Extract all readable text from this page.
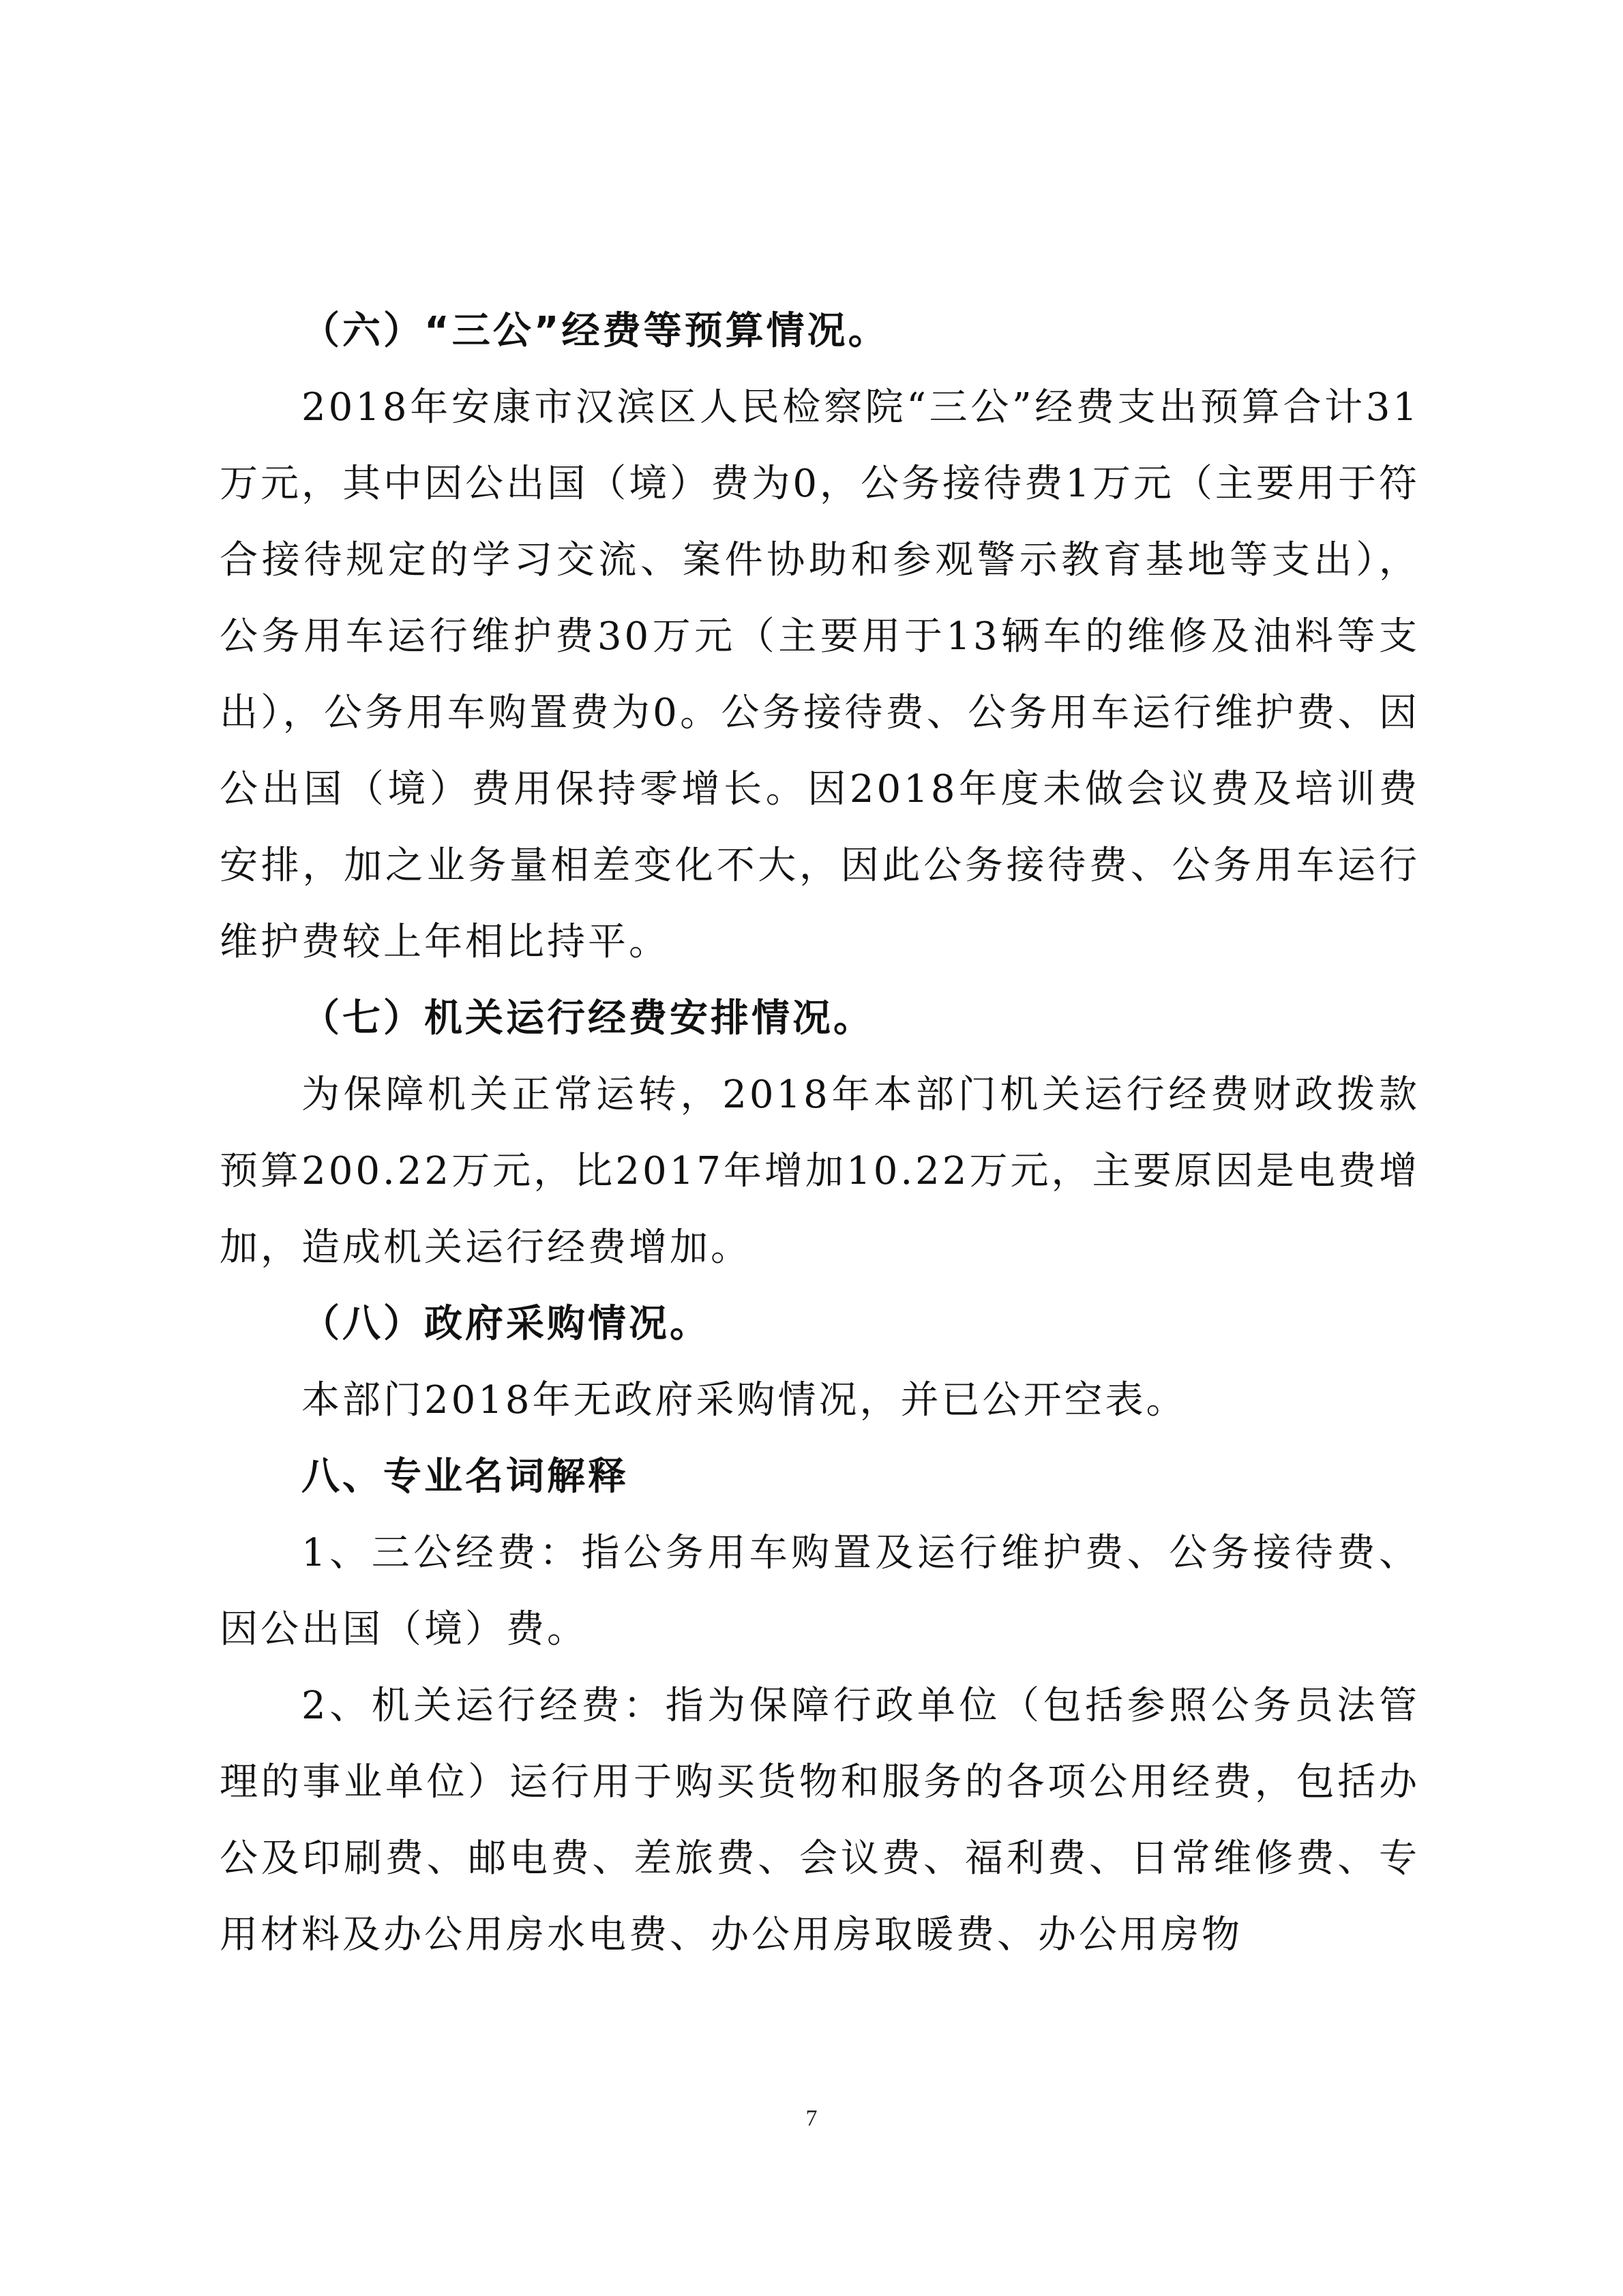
（六）“三公”经费等预算情况。

2018年安康市汉滨区人民检察院“三公”经费支出预算合计31万元，其中因公出国（境）费为0，公务接待费1万元（主要用于符合接待规定的学习交流、案件协助和参观警示教育基地等支出），公务用车运行维护费30万元（主要用于13辆车的维修及油料等支出），公务用车购置费为0。公务接待费、公务用车运行维护费、因公出国（境）费用保持零增长。因2018年度未做会议费及培训费安排，加之业务量相差变化不大，因此公务接待费、公务用车运行维护费较上年相比持平。

（七）机关运行经费安排情况。

为保障机关正常运转，2018年本部门机关运行经费财政拨款预算200.22万元，比2017年增加10.22万元，主要原因是电费增加，造成机关运行经费增加。

（八）政府采购情况。

本部门2018年无政府采购情况，并已公开空表。

八、专业名词解释

1、三公经费：指公务用车购置及运行维护费、公务接待费、因公出国（境）费。

2、机关运行经费：指为保障行政单位（包括参照公务员法管理的事业单位）运行用于购买货物和服务的各项公用经费，包括办公及印刷费、邮电费、差旅费、会议费、福利费、日常维修费、专用材料及办公用房水电费、办公用房取暖费、办公用房物

7
